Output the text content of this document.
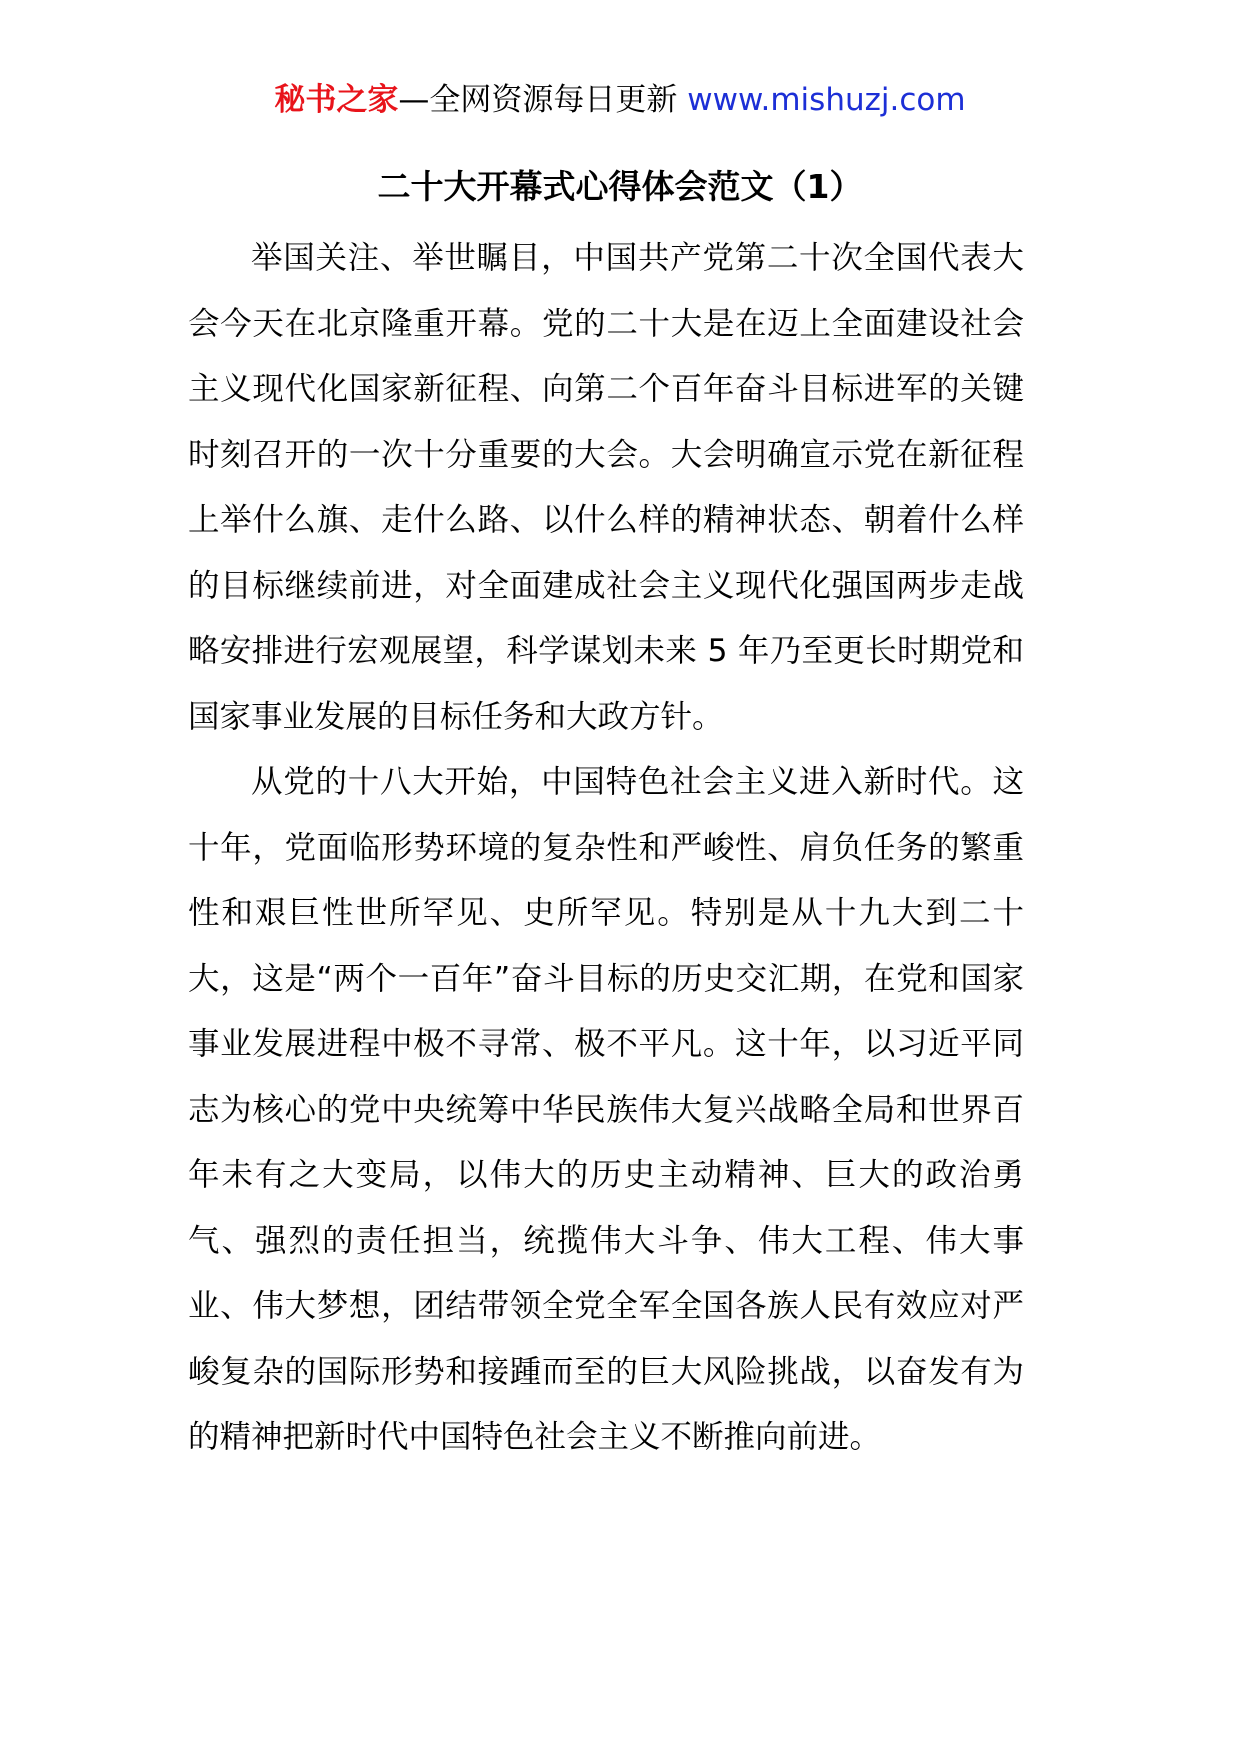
秘书之家—全网资源每日更新 www.mishuzj.com
二十大开幕式心得体会范文（1）

举国关注、举世瞩目，中国共产党第二十次全国代表大会今天在北京隆重开幕。党的二十大是在迈上全面建设社会主义现代化国家新征程、向第二个百年奋斗目标进军的关键时刻召开的一次十分重要的大会。大会明确宣示党在新征程上举什么旗、走什么路、以什么样的精神状态、朝着什么样的目标继续前进，对全面建成社会主义现代化强国两步走战略安排进行宏观展望，科学谋划未来 5 年乃至更长时期党和国家事业发展的目标任务和大政方针。

从党的十八大开始，中国特色社会主义进入新时代。这十年，党面临形势环境的复杂性和严峻性、肩负任务的繁重性和艰巨性世所罕见、史所罕见。特别是从十九大到二十大，这是“两个一百年”奋斗目标的历史交汇期，在党和国家事业发展进程中极不寻常、极不平凡。这十年，以习近平同志为核心的党中央统筹中华民族伟大复兴战略全局和世界百年未有之大变局，以伟大的历史主动精神、巨大的政治勇气、强烈的责任担当，统揽伟大斗争、伟大工程、伟大事业、伟大梦想，团结带领全党全军全国各族人民有效应对严峻复杂的国际形势和接踵而至的巨大风险挑战，以奋发有为的精神把新时代中国特色社会主义不断推向前进。
